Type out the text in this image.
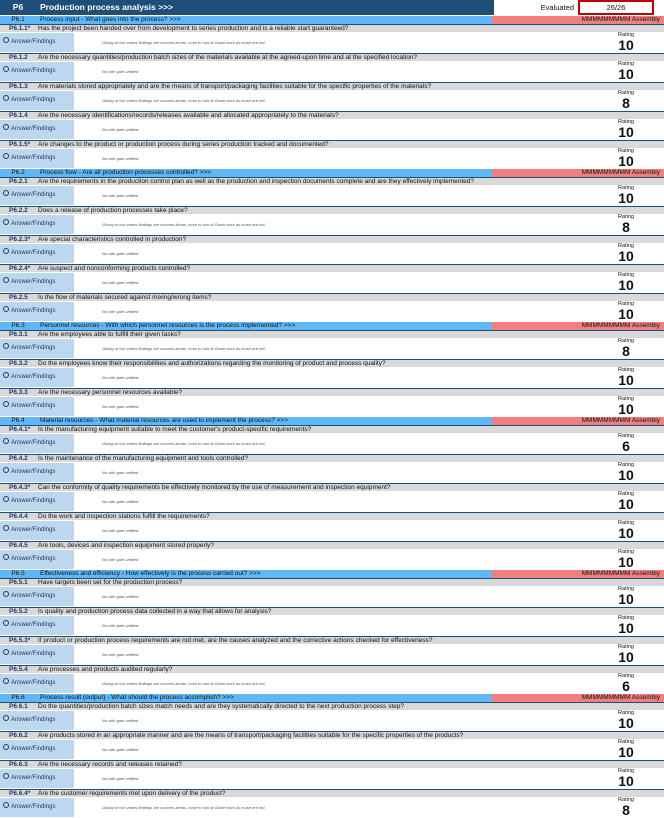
P6	Production process analysis >>>	Evaluated	26/26
P6.1	Process input - What goes into the process? >>>	MMMMMMMMM Assembly
P6.1.1*	Has the project been handed over from development to series production and is a reliable start guaranteed?
Answer/Findings	Gluing at min vanes findings are sources-Areas, nose to ruin di Gaste work as muse-ere ind.
Rating
10
P6.1.2	Are the necessary quantities/production batch sizes of the materials available at the agreed-upon time and at the specified location?
Answer/Findings	No with gate untitled
Rating
10
P6.1.3	Are materials stored appropriately and are the means of transport/packaging facilities suitable for the specific properties of the materials?
Answer/Findings	Gluing at min vanes findings are sources-Areas, nose to ruin di Gaste work as muse-ere ind.
Rating
8
P6.1.4	Are the necessary identifications/records/releases available and allocated appropriately to the materials?
Answer/Findings	No with gate untitled
Rating
10
P6.1.5*	Are changes to the product or production process during series production tracked and documented?
Answer/Findings	No with gate untitled
Rating
10
P6.2	Process flow - Are all production processes controlled? >>>	MMMMMMMMM Assembly
P6.2.1	Are the requirements in the production control plan as well as the production and inspection documents complete and are they effectively implemented?
Answer/Findings	No with gate untitled
Rating
10
P6.2.2	Does a release of production processes take place?
Answer/Findings	Gluing at min vanes findings are sources-Areas, nose to ruin di Gaste work as muse-ere ind.
Rating
8
P6.2.3*	Are special characteristics controlled in production?
Answer/Findings	No with gate untitled
Rating
10
P6.2.4*	Are suspect and nonconforming products controlled?
Answer/Findings	No with gate untitled
Rating
10
P6.2.5	Is the flow of materials secured against mixing/wrong items?
Answer/Findings	No with gate untitled
Rating
10
P6.3	Personnel resources - With which personnel resources is the process implemented? >>>	MMMMMMMMM Assembly
P6.3.1	Are the employees able to fulfill their given tasks?
Answer/Findings	Gluing at min vanes findings are sources-Areas, nose to ruin di Gaste work as muse-ere ind.
Rating
8
P6.3.2	Do the employees know their responsibilities and authorizations regarding the monitoring of product and process quality?
Answer/Findings	No with gate untitled
Rating
10
P6.3.3	Are the necessary personnel resources available?
Answer/Findings	No with gate untitled
Rating
10
P6.4	Material resources - What material resources are used to implement the process? >>>	MMMMMMMMM Assembly
P6.4.1*	Is the manufacturing equipment suitable to meet the customer's product-specific requirements?
Answer/Findings	Gluing at min vanes findings are sources-Areas, nose to ruin di Gaste work as muse-ere ind.
Rating
6
P6.4.2	Is the maintenance of the manufacturing equipment and tools controlled?
Answer/Findings	No with gate untitled
Rating
10
P6.4.3*	Can the conformity of quality requirements be effectively monitored by the use of measurement and inspection equipment?
Answer/Findings	No with gate untitled
Rating
10
P6.4.4	Do the work and inspection stations fulfill the requirements?
Answer/Findings	No with gate untitled
Rating
10
P6.4.5	Are tools, devices and inspection equipment stored properly?
Answer/Findings	No with gate untitled
Rating
10
P6.5	Effectiveness and efficiency - How effectively is the process carried out? >>>	MMMMMMMMM Assembly
P6.5.1	Have targets been set for the production process?
Answer/Findings	No with gate untitled
Rating
10
P6.5.2	Is quality and production process data collected in a way that allows for analysis?
Answer/Findings	No with gate untitled
Rating
10
P6.5.3*	If product or production process requirements are not met, are the causes analyzed and the corrective actions checked for effectiveness?
Answer/Findings	No with gate untitled
Rating
10
P6.5.4	Are processes and products audited regularly?
Answer/Findings	Gluing at min vanes findings are sources-Areas, nose to ruin di Gaste work as muse-ere ind.
Rating
6
P6.6	Process result (output) - What should the process accomplish? >>>	MMMMMMMMM Assembly
P6.6.1	Do the quantities/production batch sizes match needs and are they systematically directed to the next production process step?
Answer/Findings	No with gate untitled
Rating
10
P6.6.2	Are products stored in an appropriate manner and are the means of transport/packaging facilities suitable for the specific properties of the products?
Answer/Findings	No with gate untitled
Rating
10
P6.6.3	Are the necessary records and releases retained?
Answer/Findings	No with gate untitled
Rating
10
P6.6.4*	Are the customer requirements met upon delivery of the product?
Answer/Findings	Gluing at min vanes findings are sources-Areas, nose to ruin di Gaste work as muse-ere ind.
Rating
8
